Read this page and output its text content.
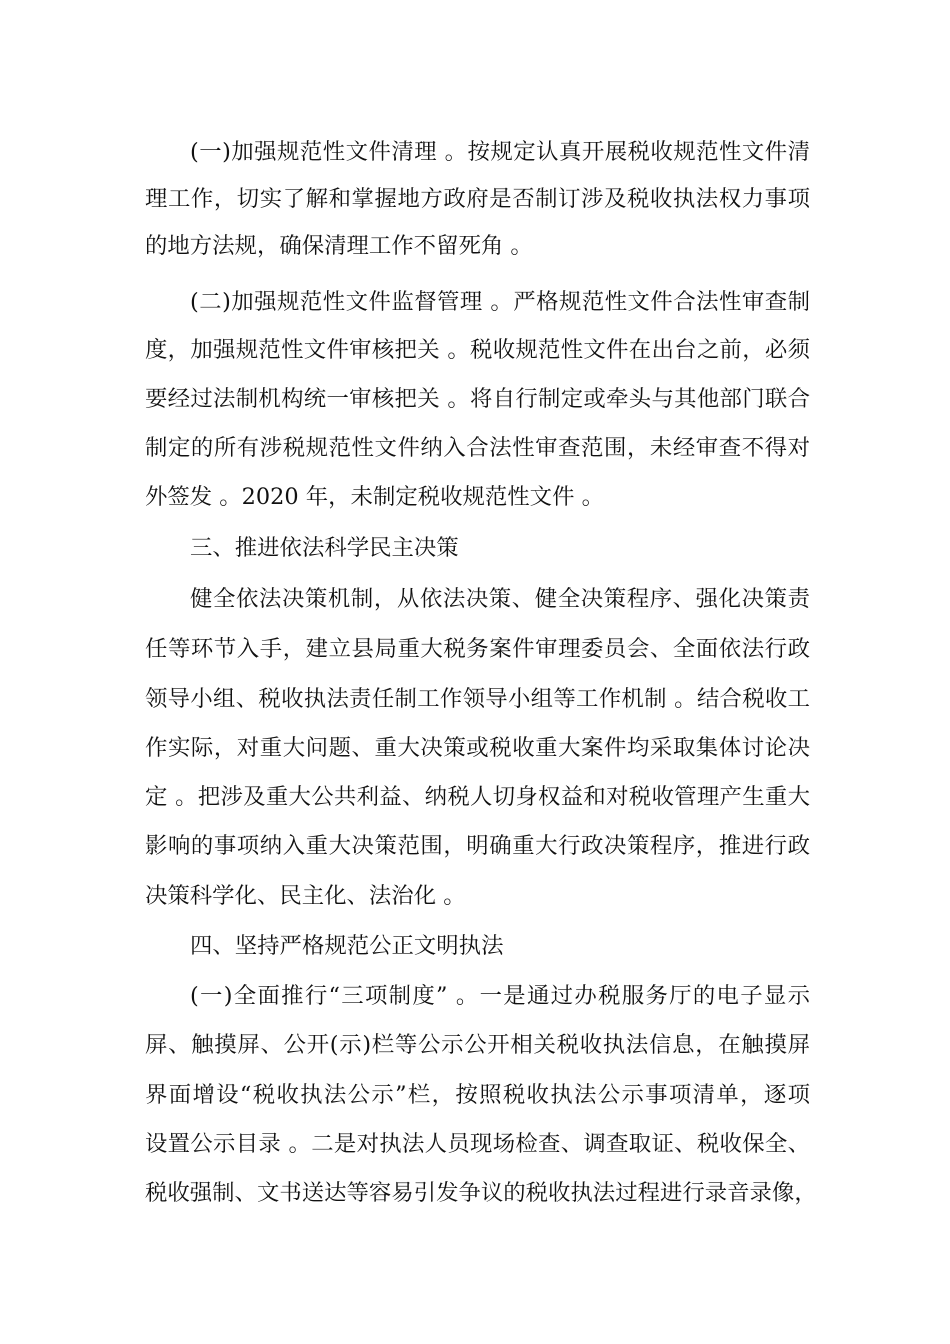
(一)加强规范性文件清理 。按规定认真开展税收规范性文件清
理工作，切实了解和掌握地方政府是否制订涉及税收执法权力事项
的地方法规，确保清理工作不留死角 。
(二)加强规范性文件监督管理 。严格规范性文件合法性审查制
度，加强规范性文件审核把关 。税收规范性文件在出台之前，必须
要经过法制机构统一审核把关 。将自行制定或牵头与其他部门联合
制定的所有涉税规范性文件纳入合法性审查范围，未经审查不得对
外签发 。2020 年，未制定税收规范性文件 。
三、推进依法科学民主决策
健全依法决策机制，从依法决策、健全决策程序、强化决策责
任等环节入手，建立县局重大税务案件审理委员会、全面依法行政
领导小组、税收执法责任制工作领导小组等工作机制 。结合税收工
作实际，对重大问题、重大决策或税收重大案件均采取集体讨论决
定 。把涉及重大公共利益、纳税人切身权益和对税收管理产生重大
影响的事项纳入重大决策范围，明确重大行政决策程序，推进行政
决策科学化、民主化、法治化 。
四、坚持严格规范公正文明执法
(一)全面推行“三项制度” 。一是通过办税服务厅的电子显示
屏、触摸屏、公开(示)栏等公示公开相关税收执法信息，在触摸屏
界面增设“税收执法公示”栏，按照税收执法公示事项清单，逐项
设置公示目录 。二是对执法人员现场检查、调查取证、税收保全、
税收强制、文书送达等容易引发争议的税收执法过程进行录音录像，
